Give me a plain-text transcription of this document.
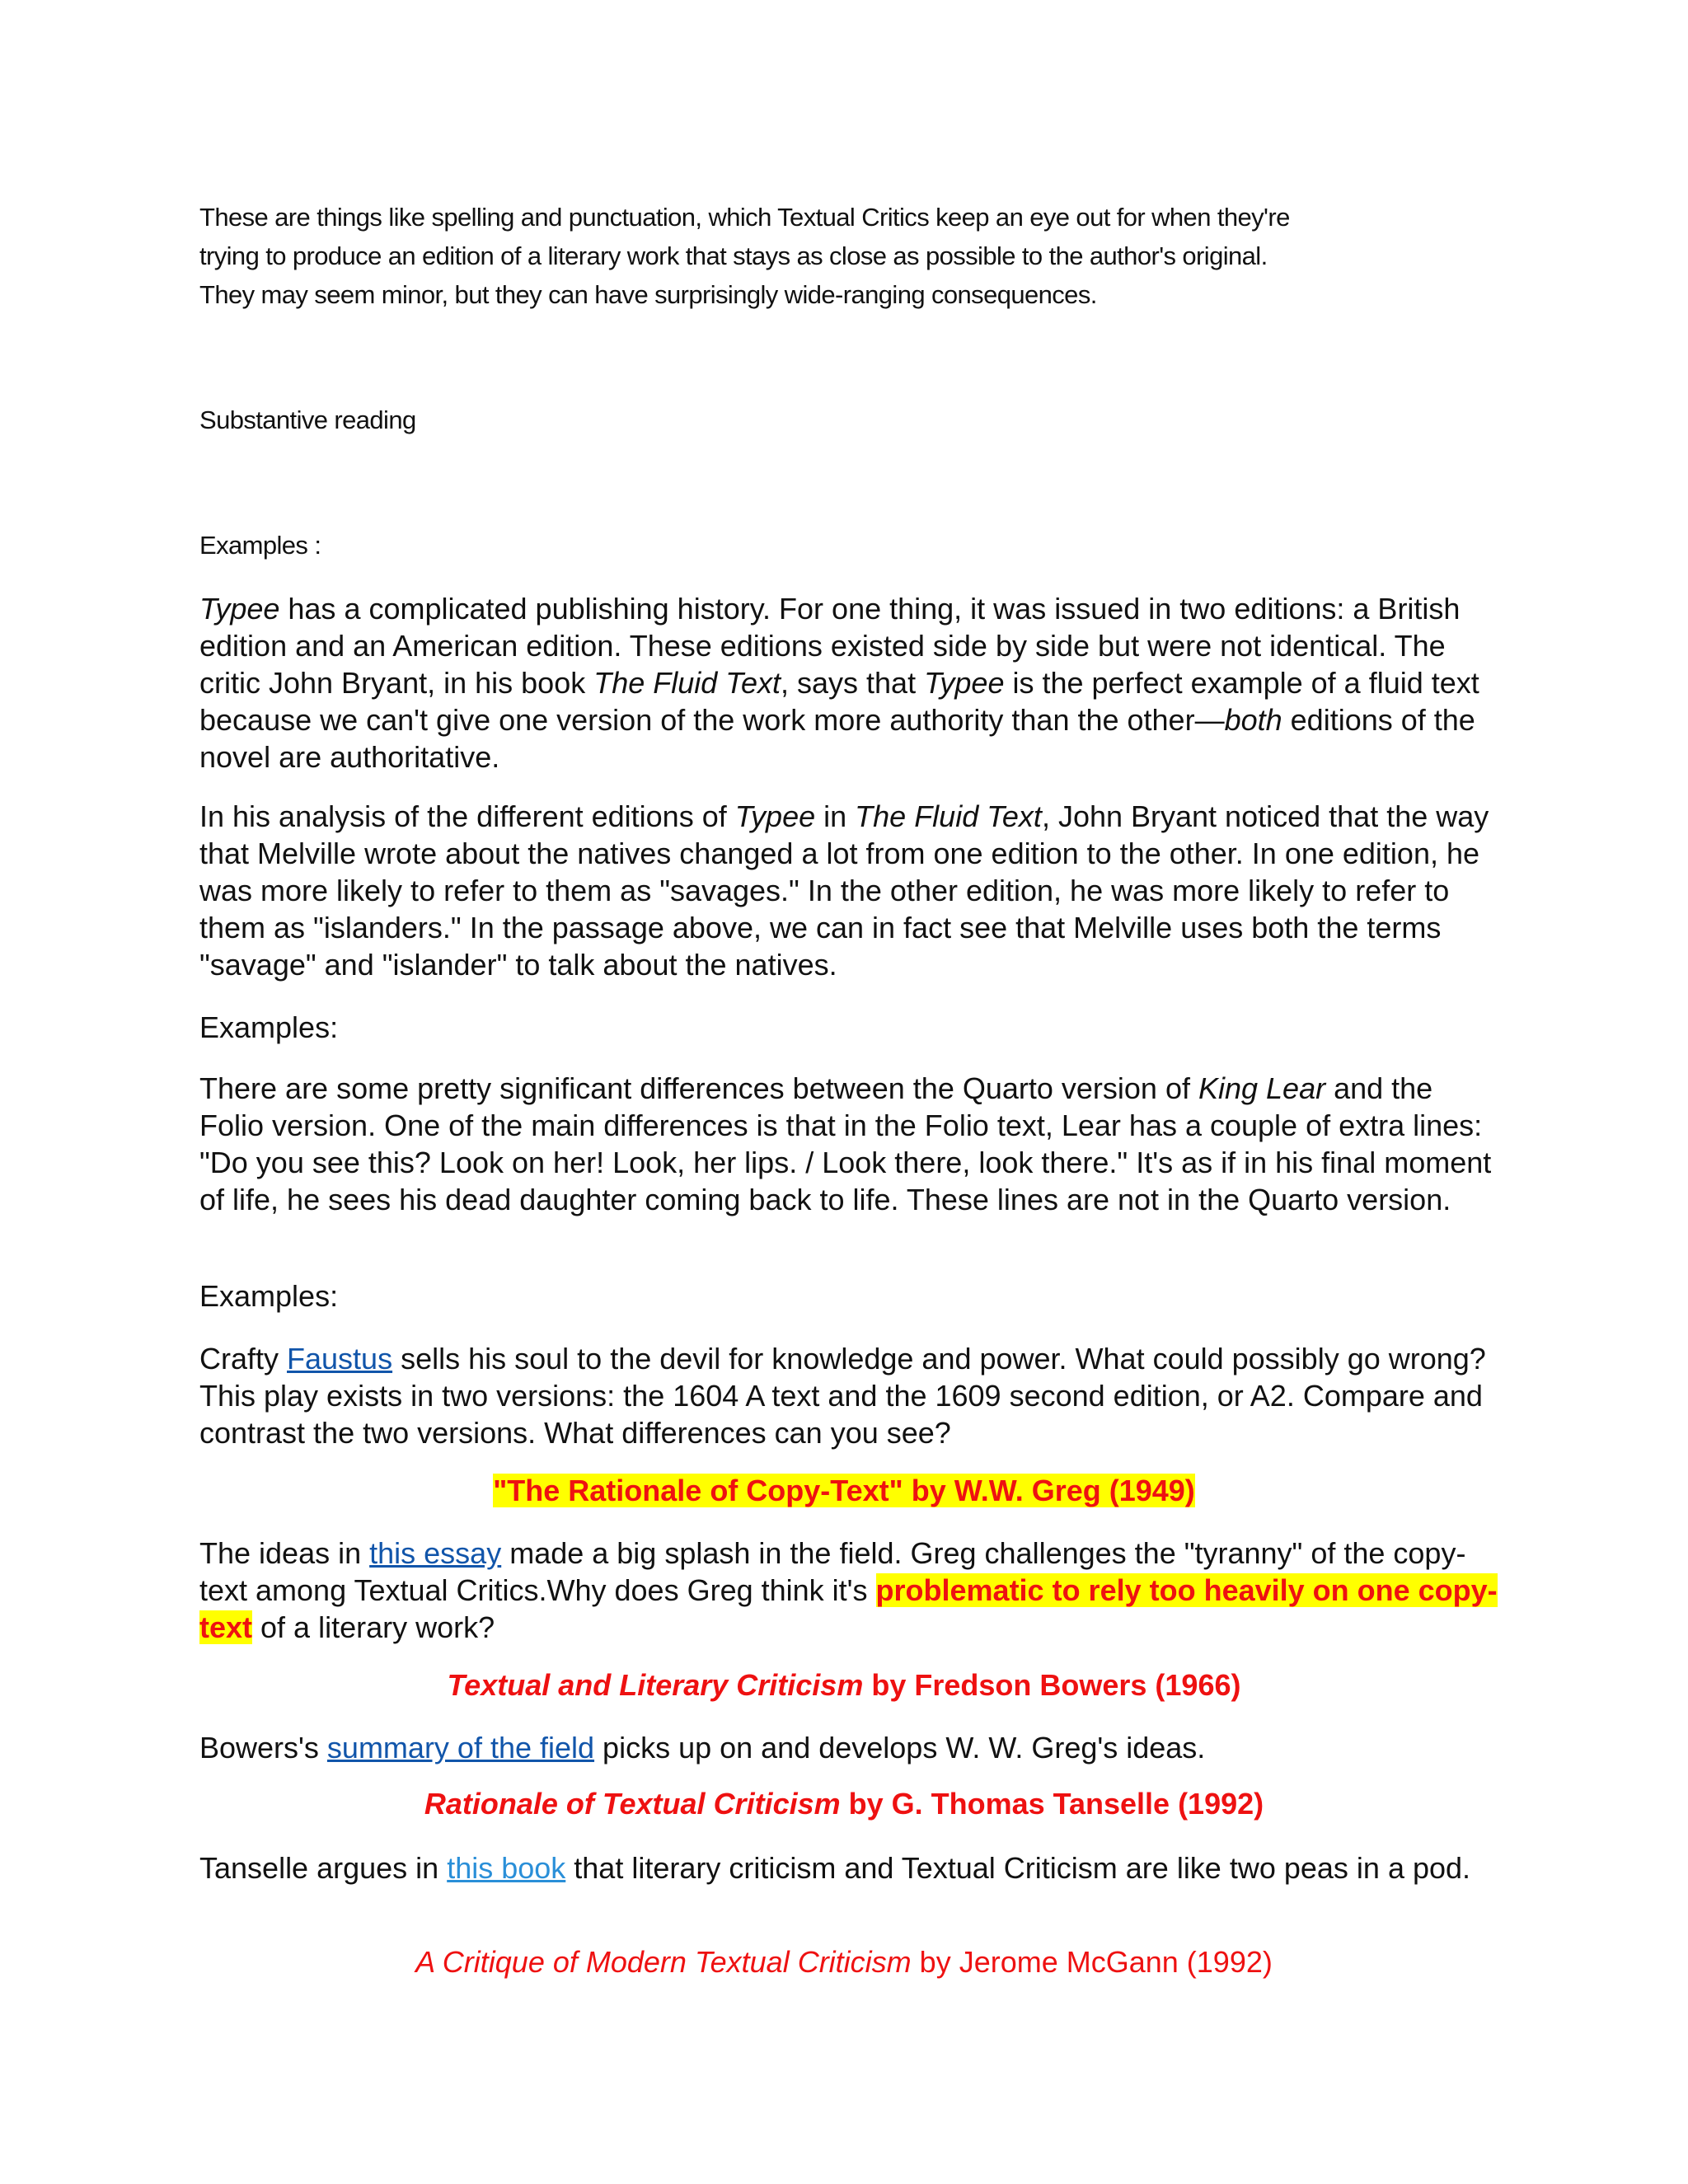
These are things like spelling and punctuation, which Textual Critics keep an eye out for when they're

trying to produce an edition of a literary work that stays as close as possible to the author's original.

They may seem minor, but they can have surprisingly wide-ranging consequences.

Substantive reading

Examples :

Typee has a complicated publishing history. For one thing, it was issued in two editions: a British edition and an American edition. These editions existed side by side but were not identical. The critic John Bryant, in his book The Fluid Text, says that Typee is the perfect example of a fluid text because we can't give one version of the work more authority than the other—both editions of the novel are authoritative.

In his analysis of the different editions of Typee in The Fluid Text, John Bryant noticed that the way that Melville wrote about the natives changed a lot from one edition to the other. In one edition, he was more likely to refer to them as "savages." In the other edition, he was more likely to refer to them as "islanders." In the passage above, we can in fact see that Melville uses both the terms "savage" and "islander" to talk about the natives.

Examples:

There are some pretty significant differences between the Quarto version of King Lear and the Folio version. One of the main differences is that in the Folio text, Lear has a couple of extra lines: "Do you see this? Look on her! Look, her lips. / Look there, look there." It's as if in his final moment of life, he sees his dead daughter coming back to life. These lines are not in the Quarto version.

Examples:

Crafty Faustus sells his soul to the devil for knowledge and power. What could possibly go wrong? This play exists in two versions: the 1604 A text and the 1609 second edition, or A2. Compare and contrast the two versions. What differences can you see?

"The Rationale of Copy-Text" by W.W. Greg (1949)

The ideas in this essay made a big splash in the field. Greg challenges the "tyranny" of the copy-text among Textual Critics.Why does Greg think it's problematic to rely too heavily on one copy-text of a literary work?

Textual and Literary Criticism by Fredson Bowers (1966)

Bowers's summary of the field picks up on and develops W. W. Greg's ideas.

Rationale of Textual Criticism by G. Thomas Tanselle (1992)

Tanselle argues in this book that literary criticism and Textual Criticism are like two peas in a pod.

A Critique of Modern Textual Criticism by Jerome McGann (1992)
